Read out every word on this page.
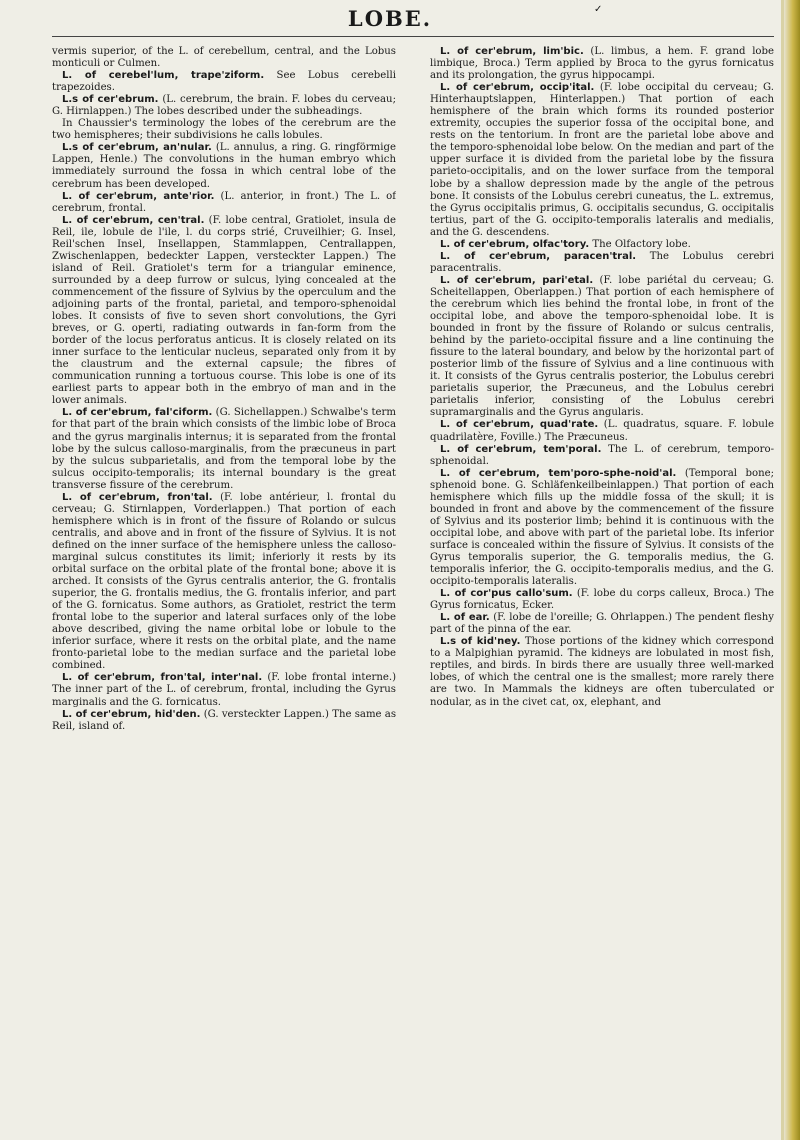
LOBE.	✓

vermis superior, of the L. of cerebellum, central, and the Lobus monticuli or Culmen.

L. of cerebel'lum, trape'ziform. See Lobus cerebelli trapezoides.

L.s of cer'ebrum. (L. cerebrum, the brain. F. lobes du cerveau; G. Hirnlappen.) The lobes described under the subheadings.

In Chaussier's terminology the lobes of the cerebrum are the two hemispheres; their subdivisions he calls lobules.

L.s of cer'ebrum, an'nular. (L. annulus, a ring. G. ringförmige Lappen, Henle.) The convolutions in the human embryo which immediately surround the fossa in which central lobe of the cerebrum has been developed.

L. of cer'ebrum, ante'rior. (L. anterior, in front.) The L. of cerebrum, frontal.

L. of cer'ebrum, cen'tral. (F. lobe central, Gratiolet, insula de Reil, ile, lobule de l'ile, l. du corps strié, Cruveilhier; G. Insel, Reil'schen Insel, Insellappen, Stammlappen, Centrallappen, Zwischenlappen, bedeckter Lappen, versteckter Lappen.) The island of Reil. Gratiolet's term for a triangular eminence, surrounded by a deep furrow or sulcus, lying concealed at the commencement of the fissure of Sylvius by the operculum and the adjoining parts of the frontal, parietal, and temporo-sphenoidal lobes. It consists of five to seven short convolutions, the Gyri breves, or G. operti, radiating outwards in fan-form from the border of the locus perforatus anticus. It is closely related on its inner surface to the lenticular nucleus, separated only from it by the claustrum and the external capsule; the fibres of communication running a tortuous course. This lobe is one of its earliest parts to appear both in the embryo of man and in the lower animals.

L. of cer'ebrum, fal'ciform. (G. Sichellappen.) Schwalbe's term for that part of the brain which consists of the limbic lobe of Broca and the gyrus marginalis internus; it is separated from the frontal lobe by the sulcus calloso-marginalis, from the præcuneus in part by the sulcus subparietalis, and from the temporal lobe by the sulcus occipito-temporalis; its internal boundary is the great transverse fissure of the cerebrum.

L. of cer'ebrum, fron'tal. (F. lobe antérieur, l. frontal du cerveau; G. Stirnlappen, Vorderlappen.) That portion of each hemisphere which is in front of the fissure of Rolando or sulcus centralis, and above and in front of the fissure of Sylvius. It is not defined on the inner surface of the hemisphere unless the calloso-marginal sulcus constitutes its limit; inferiorly it rests by its orbital surface on the orbital plate of the frontal bone; above it is arched. It consists of the Gyrus centralis anterior, the G. frontalis superior, the G. frontalis medius, the G. frontalis inferior, and part of the G. fornicatus. Some authors, as Gratiolet, restrict the term frontal lobe to the superior and lateral surfaces only of the lobe above described, giving the name orbital lobe or lobule to the inferior surface, where it rests on the orbital plate, and the name fronto-parietal lobe to the median surface and the parietal lobe combined.

L. of cer'ebrum, fron'tal, inter'nal. (F. lobe frontal interne.) The inner part of the L. of cerebrum, frontal, including the Gyrus marginalis and the G. fornicatus.

L. of cer'ebrum, hid'den. (G. versteckter Lappen.) The same as Reil, island of.

L. of cer'ebrum, lim'bic. (L. limbus, a hem. F. grand lobe limbique, Broca.) Term applied by Broca to the gyrus fornicatus and its prolongation, the gyrus hippocampi.

L. of cer'ebrum, occip'ital. (F. lobe occipital du cerveau; G. Hinterhauptslappen, Hinterlappen.) That portion of each hemisphere of the brain which forms its rounded posterior extremity, occupies the superior fossa of the occipital bone, and rests on the tentorium. In front are the parietal lobe above and the temporo-sphenoidal lobe below. On the median and part of the upper surface it is divided from the parietal lobe by the fissura parieto-occipitalis, and on the lower surface from the temporal lobe by a shallow depression made by the angle of the petrous bone. It consists of the Lobulus cerebri cuneatus, the L. extremus, the Gyrus occipitalis primus, G. occipitalis secundus, G. occipitalis tertius, part of the G. occipito-temporalis lateralis and medialis, and the G. descendens.

L. of cer'ebrum, olfac'tory. The Olfactory lobe.

L. of cer'ebrum, paracen'tral. The Lobulus cerebri paracentralis.

L. of cer'ebrum, pari'etal. (F. lobe pariétal du cerveau; G. Scheitellappen, Oberlappen.) That portion of each hemisphere of the cerebrum which lies behind the frontal lobe, in front of the occipital lobe, and above the temporo-sphenoidal lobe. It is bounded in front by the fissure of Rolando or sulcus centralis, behind by the parieto-occipital fissure and a line continuing the fissure to the lateral boundary, and below by the horizontal part of posterior limb of the fissure of Sylvius and a line continuous with it. It consists of the Gyrus centralis posterior, the Lobulus cerebri parietalis superior, the Præcuneus, and the Lobulus cerebri parietalis inferior, consisting of the Lobulus cerebri supramarginalis and the Gyrus angularis.

L. of cer'ebrum, quad'rate. (L. quadratus, square. F. lobule quadrilatère, Foville.) The Præcuneus.

L. of cer'ebrum, tem'poral. The L. of cerebrum, temporo-sphenoidal.

L. of cer'ebrum, tem'poro-sphe-noid'al. (Temporal bone; sphenoid bone. G. Schläfenkeilbeinlappen.) That portion of each hemisphere which fills up the middle fossa of the skull; it is bounded in front and above by the commencement of the fissure of Sylvius and its posterior limb; behind it is continuous with the occipital lobe, and above with part of the parietal lobe. Its inferior surface is concealed within the fissure of Sylvius. It consists of the Gyrus temporalis superior, the G. temporalis medius, the G. temporalis inferior, the G. occipito-temporalis medius, and the G. occipito-temporalis lateralis.

L. of cor'pus callo'sum. (F. lobe du corps calleux, Broca.) The Gyrus fornicatus, Ecker.

L. of ear. (F. lobe de l'oreille; G. Ohrlappen.) The pendent fleshy part of the pinna of the ear.

L.s of kid'ney. Those portions of the kidney which correspond to a Malpighian pyramid. The kidneys are lobulated in most fish, reptiles, and birds. In birds there are usually three well-marked lobes, of which the central one is the smallest; more rarely there are two. In Mammals the kidneys are often tuberculated or nodular, as in the civet cat, ox, elephant, and
